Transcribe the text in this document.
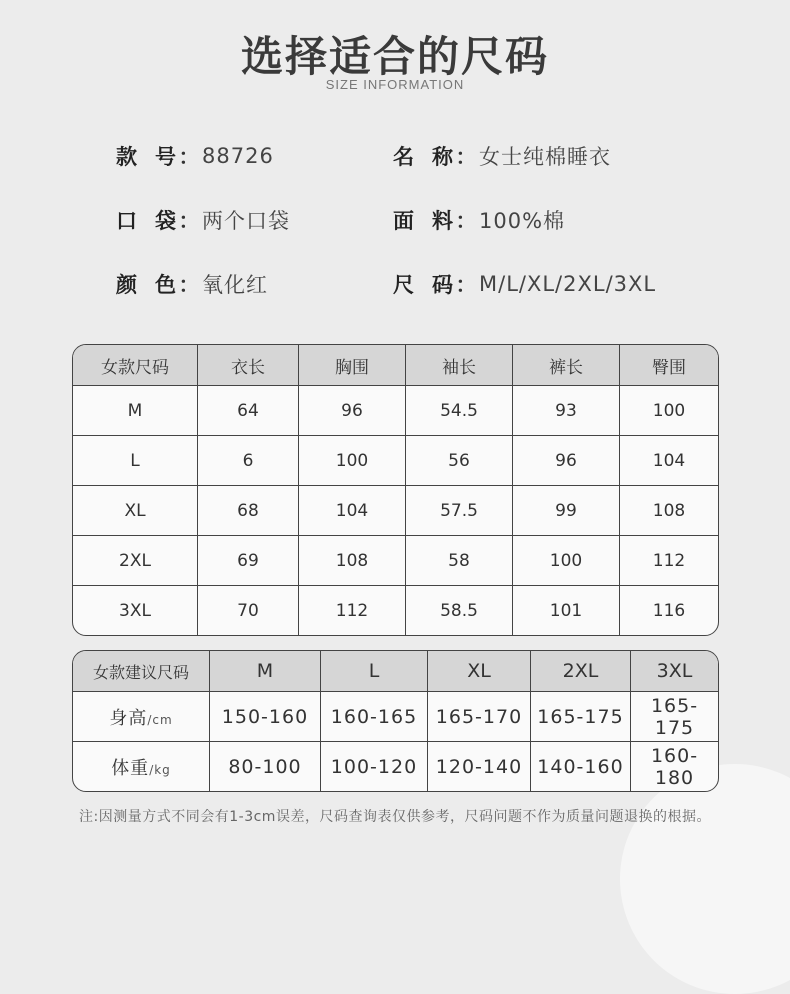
选择适合的尺码
SIZE INFORMATION
款 号 ： 88726	名 称 ： 女士纯棉睡衣
口 袋 ： 两个口袋	面 料 ： 100%棉
颜 色 ： 氧化红	尺 码 ： M/L/XL/2XL/3XL
女款尺码	衣长	胸围	袖长	裤长	臀围
M	64	96	54.5	93	100
L	6	100	56	96	104
XL	68	104	57.5	99	108
2XL	69	108	58	100	112
3XL	70	112	58.5	101	116
女款建议尺码	M	L	XL	2XL	3XL
身高/cm	150-160	160-165	165-170	165-175	165-175
体重/kg	80-100	100-120	120-140	140-160	160-180
注:因测量方式不同会有1-3cm误差，尺码查询表仅供参考，尺码问题不作为质量问题退换的根据。
